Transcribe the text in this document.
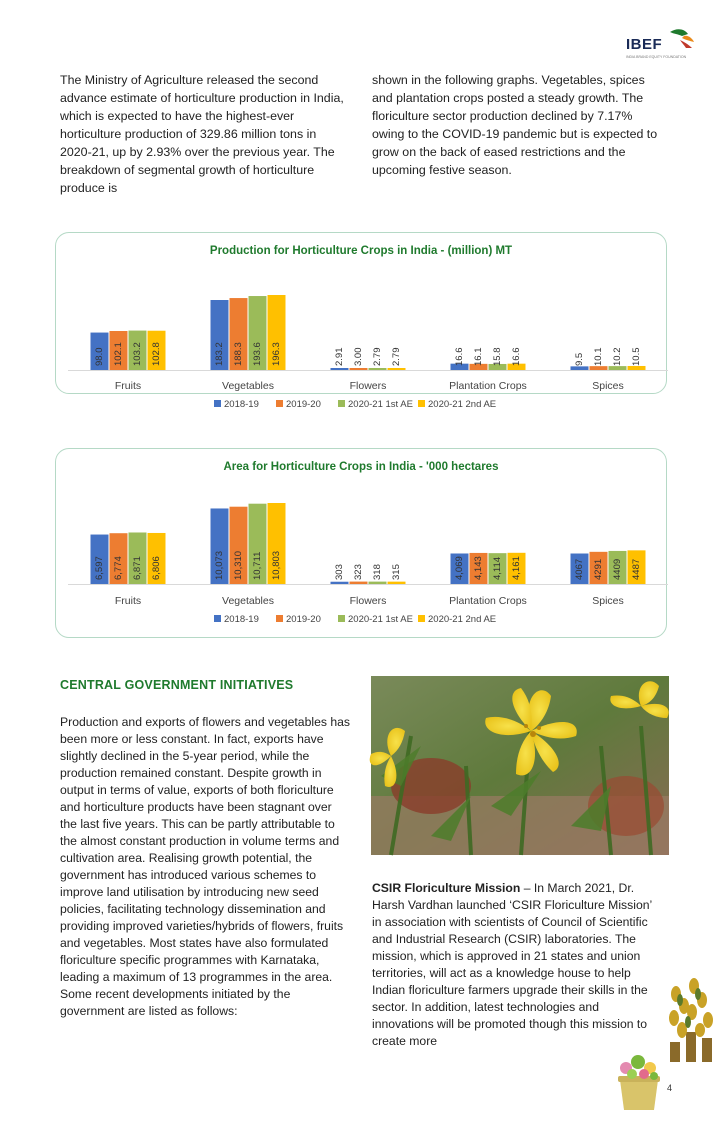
IBEF
INDIA BRAND EQUITY FOUNDATION
The Ministry of Agriculture released the second advance estimate of horticulture production in India, which is expected to have the highest-ever horticulture production of 329.86 million tons in 2020-21, up by 2.93% over the previous year. The breakdown of segmental growth of horticulture produce is
shown in the following graphs. Vegetables, spices and plantation crops posted a steady growth. The floriculture sector production declined by 7.17% owing to the COVID-19 pandemic but is expected to grow on the back of eased restrictions and the upcoming festive season.
Production for Horticulture Crops in India - (million) MT
98.0 102.1 103.2 102.8
Fruits
183.2 188.3 193.6 196.3
Vegetables
2.91 3.00 2.79 2.79
Flowers
16.6 16.1 15.8 16.6
Plantation Crops
9.5 10.1 10.2 10.5
Spices
2018-19	2019-20	2020-21 1st AE 2020-21 2nd AE
Area for Horticulture Crops in India - '000 hectares
6,597 6,774 6,871 6,806
Fruits
10,073 10,310 10,711 10,803
Vegetables
303 323 318 315
Flowers
4,069 4,143 4,114 4,161
Plantation Crops
4067 4291 4409 4487
Spices
2018-19	2019-20	2020-21 1st AE 2020-21 2nd AE
CENTRAL GOVERNMENT INITIATIVES
Production and exports of flowers and vegetables has been more or less constant. In fact, exports have slightly declined in the 5-year period, while the production remained constant. Despite growth in output in terms of value, exports of both floriculture and horticulture products have been stagnant over the last five years. This can be partly attributable to the almost constant production in volume terms and cultivation area. Realising growth potential, the government has introduced various schemes to improve land utilisation by introducing new seed policies, facilitating technology dissemination and providing improved varieties/hybrids of flowers, fruits and vegetables. Most states have also formulated floriculture specific programmes with Karnataka, leading a maximum of 13 programmes in the area. Some recent developments initiated by the government are listed as follows:
CSIR Floriculture Mission – In March 2021, Dr. Harsh Vardhan launched ‘CSIR Floriculture Mission’ in association with scientists of Council of Scientific and Industrial Research (CSIR) laboratories. The mission, which is approved in 21 states and union territories, will act as a knowledge house to help Indian floriculture farmers upgrade their skills in the sector. In addition, latest technologies and innovations will be promoted though this mission to create more
4
